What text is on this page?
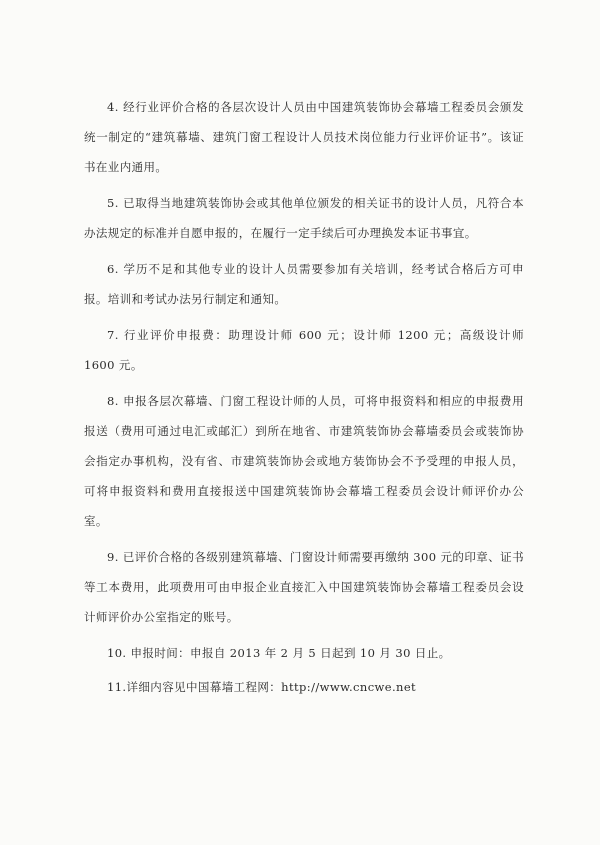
4. 经行业评价合格的各层次设计人员由中国建筑装饰协会幕墙工程委员会颁发统一制定的“建筑幕墙、建筑门窗工程设计人员技术岗位能力行业评价证书”。该证书在业内通用。

5. 已取得当地建筑装饰协会或其他单位颁发的相关证书的设计人员，凡符合本办法规定的标准并自愿申报的，在履行一定手续后可办理换发本证书事宜。

6. 学历不足和其他专业的设计人员需要参加有关培训，经考试合格后方可申报。培训和考试办法另行制定和通知。

7. 行业评价申报费：助理设计师 600 元；设计师 1200 元；高级设计师 1600 元。

8. 申报各层次幕墙、门窗工程设计师的人员，可将申报资料和相应的申报费用报送（费用可通过电汇或邮汇）到所在地省、市建筑装饰协会幕墙委员会或装饰协会指定办事机构，没有省、市建筑装饰协会或地方装饰协会不予受理的申报人员，可将申报资料和费用直接报送中国建筑装饰协会幕墙工程委员会设计师评价办公室。

9. 已评价合格的各级别建筑幕墙、门窗设计师需要再缴纳 300 元的印章、证书等工本费用，此项费用可由申报企业直接汇入中国建筑装饰协会幕墙工程委员会设计师评价办公室指定的账号。

10. 申报时间：申报自 2013 年 2 月 5 日起到 10 月 30 日止。

11.详细内容见中国幕墙工程网：http://www.cncwe.net
